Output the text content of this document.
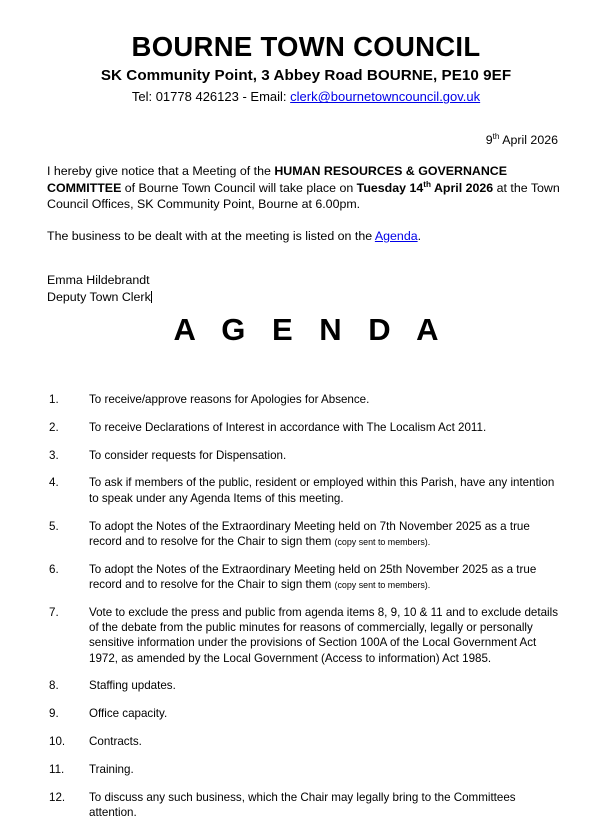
BOURNE TOWN COUNCIL
SK Community Point, 3 Abbey Road BOURNE, PE10 9EF
Tel: 01778 426123 - Email: clerk@bournetowncouncil.gov.uk
9th April 2026

I hereby give notice that a Meeting of the HUMAN RESOURCES & GOVERNANCE COMMITTEE of Bourne Town Council will take place on Tuesday 14th April 2026 at the Town Council Offices, SK Community Point, Bourne at 6.00pm.

The business to be dealt with at the meeting is listed on the Agenda.

Emma Hildebrandt
Deputy Town Clerk
A G E N D A
1.	To receive/approve reasons for Apologies for Absence.
2.	To receive Declarations of Interest in accordance with The Localism Act 2011.
3.	To consider requests for Dispensation.
4.	To ask if members of the public, resident or employed within this Parish, have any intention to speak under any Agenda Items of this meeting.
5.	To adopt the Notes of the Extraordinary Meeting held on 7th November 2025 as a true record and to resolve for the Chair to sign them (copy sent to members).
6.	To adopt the Notes of the Extraordinary Meeting held on 25th November 2025 as a true record and to resolve for the Chair to sign them (copy sent to members).
7.	Vote to exclude the press and public from agenda items 8, 9, 10 & 11 and to exclude details of the debate from the public minutes for reasons of commercially, legally or personally sensitive information under the provisions of Section 100A of the Local Government Act 1972, as amended by the Local Government (Access to information) Act 1985.
8.	Staffing updates.
9.	Office capacity.
10.	Contracts.
11.	Training.
12.	To discuss any such business, which the Chair may legally bring to the Committees attention.
